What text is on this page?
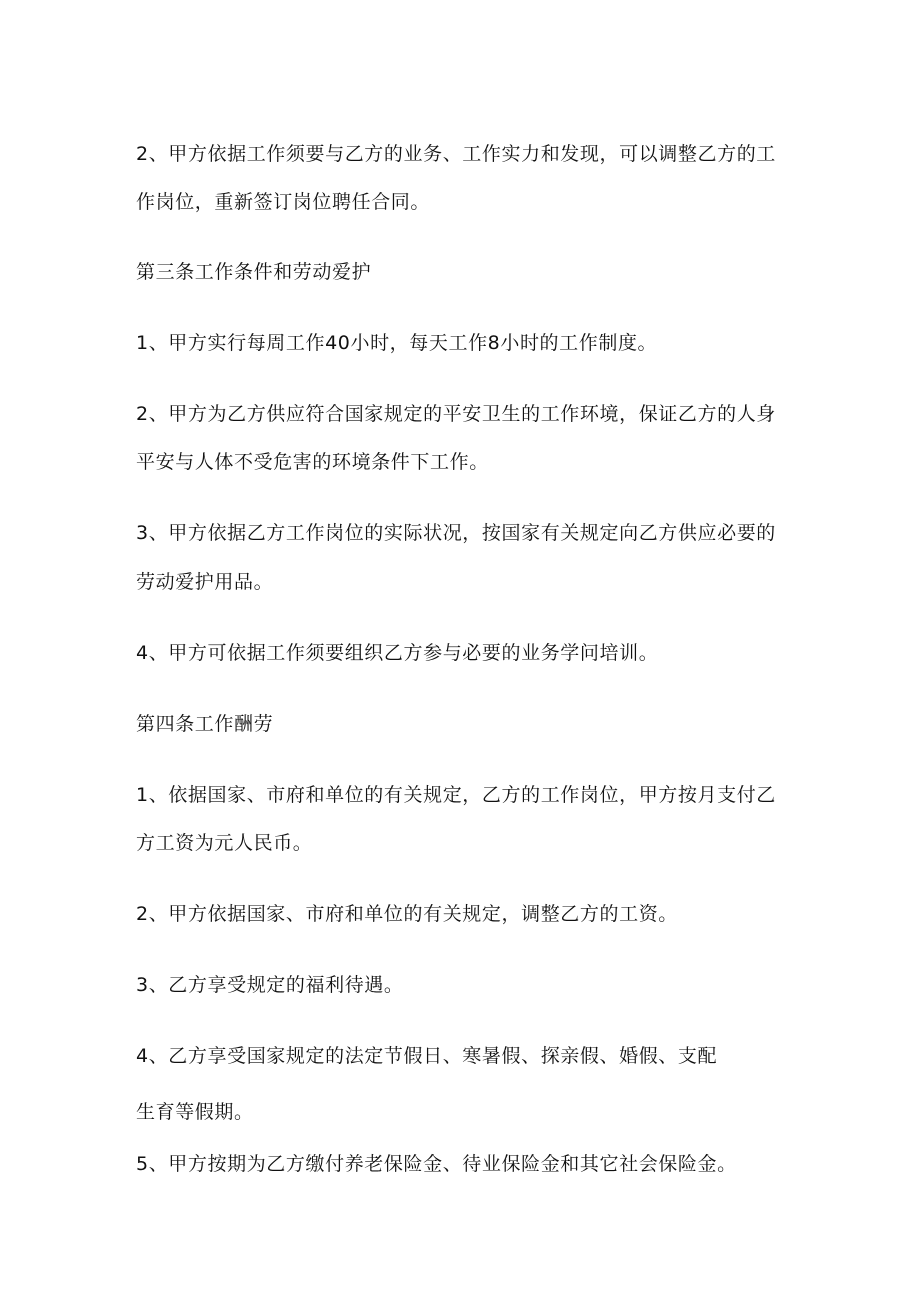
2、甲方依据工作须要与乙方的业务、工作实力和发现，可以调整乙方的工
作岗位，重新签订岗位聘任合同。
第三条工作条件和劳动爱护
1、甲方实行每周工作40小时，每天工作8小时的工作制度。
2、甲方为乙方供应符合国家规定的平安卫生的工作环境，保证乙方的人身
平安与人体不受危害的环境条件下工作。
3、甲方依据乙方工作岗位的实际状况，按国家有关规定向乙方供应必要的
劳动爱护用品。
4、甲方可依据工作须要组织乙方参与必要的业务学问培训。
第四条工作酬劳
1、依据国家、市府和单位的有关规定，乙方的工作岗位，甲方按月支付乙
方工资为元人民币。
2、甲方依据国家、市府和单位的有关规定，调整乙方的工资。
3、乙方享受规定的福利待遇。
4、乙方享受国家规定的法定节假日、寒暑假、探亲假、婚假、支配
生育等假期。
5、甲方按期为乙方缴付养老保险金、待业保险金和其它社会保险金。
